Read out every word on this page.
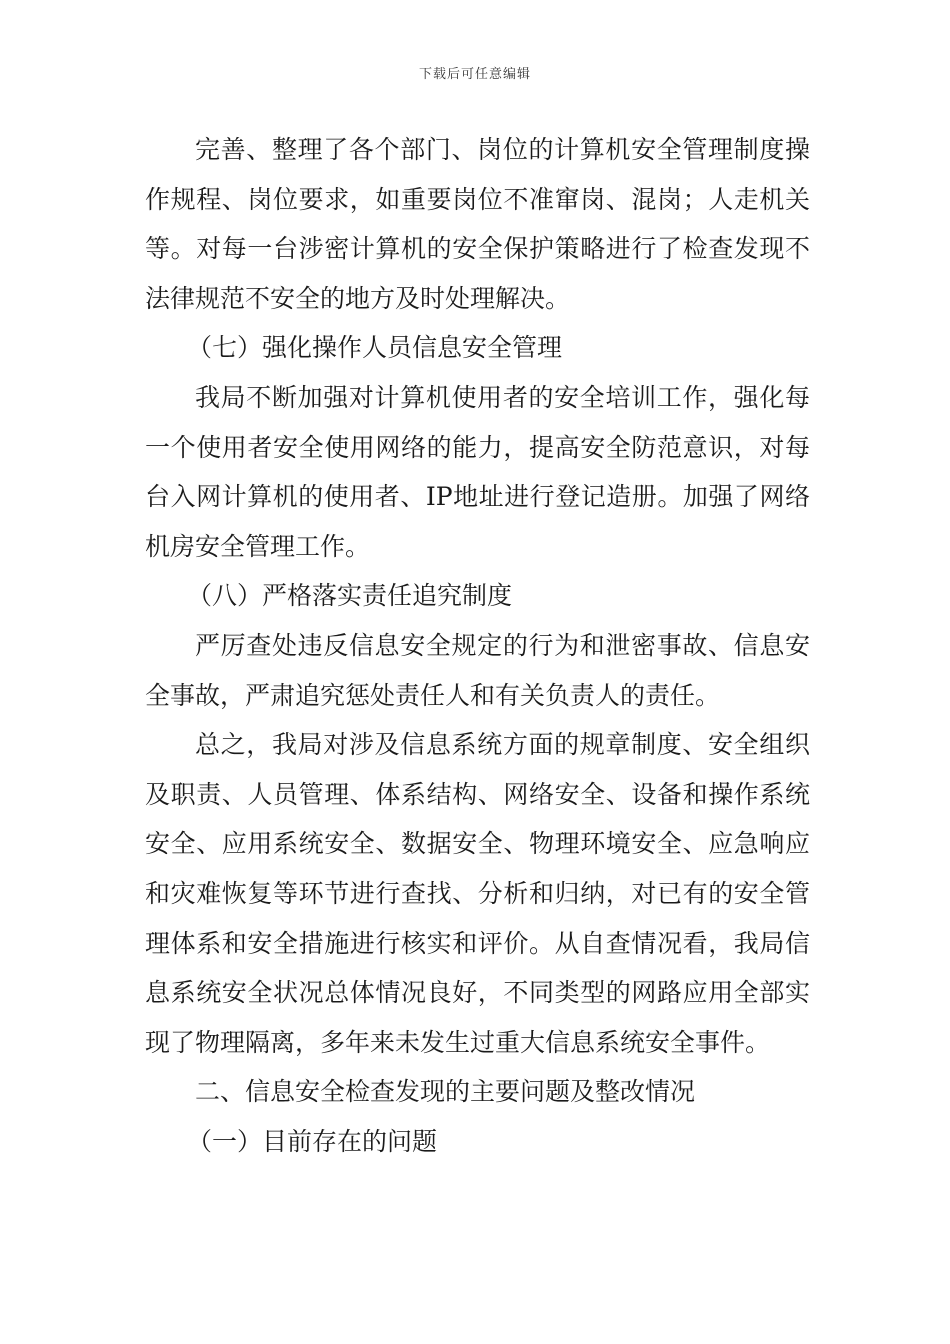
下载后可任意编辑

完善、整理了各个部门、岗位的计算机安全管理制度操作规程、岗位要求，如重要岗位不准窜岗、混岗；人走机关等。对每一台涉密计算机的安全保护策略进行了检查发现不法律规范不安全的地方及时处理解决。

（七）强化操作人员信息安全管理

我局不断加强对计算机使用者的安全培训工作，强化每一个使用者安全使用网络的能力，提高安全防范意识，对每台入网计算机的使用者、IP地址进行登记造册。加强了网络机房安全管理工作。

（八）严格落实责任追究制度

严厉查处违反信息安全规定的行为和泄密事故、信息安全事故，严肃追究惩处责任人和有关负责人的责任。

总之，我局对涉及信息系统方面的规章制度、安全组织及职责、人员管理、体系结构、网络安全、设备和操作系统安全、应用系统安全、数据安全、物理环境安全、应急响应和灾难恢复等环节进行查找、分析和归纳，对已有的安全管理体系和安全措施进行核实和评价。从自查情况看，我局信息系统安全状况总体情况良好，不同类型的网路应用全部实现了物理隔离，多年来未发生过重大信息系统安全事件。

二、信息安全检查发现的主要问题及整改情况

（一）目前存在的问题
